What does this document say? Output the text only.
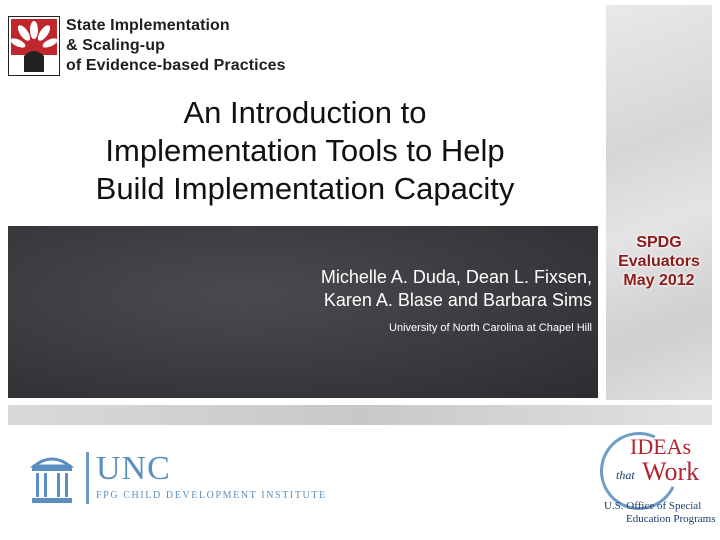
State Implementation
& Scaling-up
of Evidence-based Practices
An Introduction to
Implementation Tools to Help
Build Implementation Capacity
Michelle A. Duda, Dean L. Fixsen,
Karen A. Blase and Barbara Sims
University of North Carolina at Chapel Hill
SPDG
Evaluators
May 2012
UNC
FPG CHILD DEVELOPMENT INSTITUTE
IDEAs
that Work
U.S. Office of Special
Education Programs
